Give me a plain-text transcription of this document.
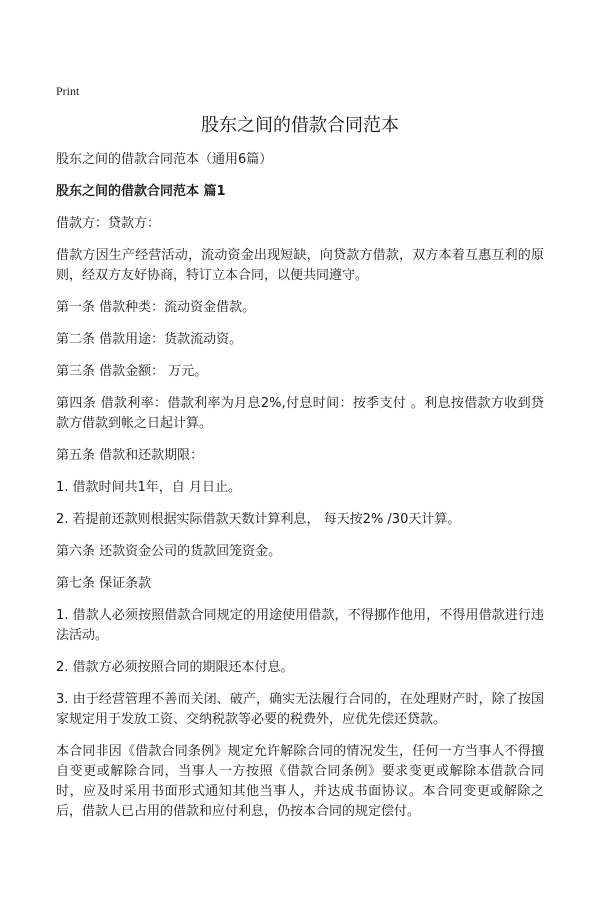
Print
股东之间的借款合同范本

股东之间的借款合同范本（通用6篇）

股东之间的借款合同范本 篇1

借款方：贷款方：

借款方因生产经营活动，流动资金出现短缺，向贷款方借款，双方本着互惠互利的原则，经双方友好协商，特订立本合同，以便共同遵守。

第一条 借款种类：流动资金借款。

第二条 借款用途：货款流动资。

第三条 借款金额： 万元。

第四条 借款利率：借款利率为月息2%,付息时间：按季支付 。利息按借款方收到贷款方借款到帐之日起计算。

第五条 借款和还款期限：

1. 借款时间共1年，自 月日止。

2. 若提前还款则根据实际借款天数计算利息， 每天按2% /30天计算。

第六条 还款资金公司的货款回笼资金。

第七条 保证条款

1. 借款人必须按照借款合同规定的用途使用借款，不得挪作他用，不得用借款进行违法活动。

2. 借款方必须按照合同的期限还本付息。

3. 由于经营管理不善而关闭、破产，确实无法履行合同的，在处理财产时，除了按国家规定用于发放工资、交纳税款等必要的税费外，应优先偿还贷款。

本合同非因《借款合同条例》规定允许解除合同的情况发生，任何一方当事人不得擅自变更或解除合同，当事人一方按照《借款合同条例》要求变更或解除本借款合同时，应及时采用书面形式通知其他当事人，并达成书面协议。本合同变更或解除之后，借款人已占用的借款和应付利息，仍按本合同的规定偿付。
